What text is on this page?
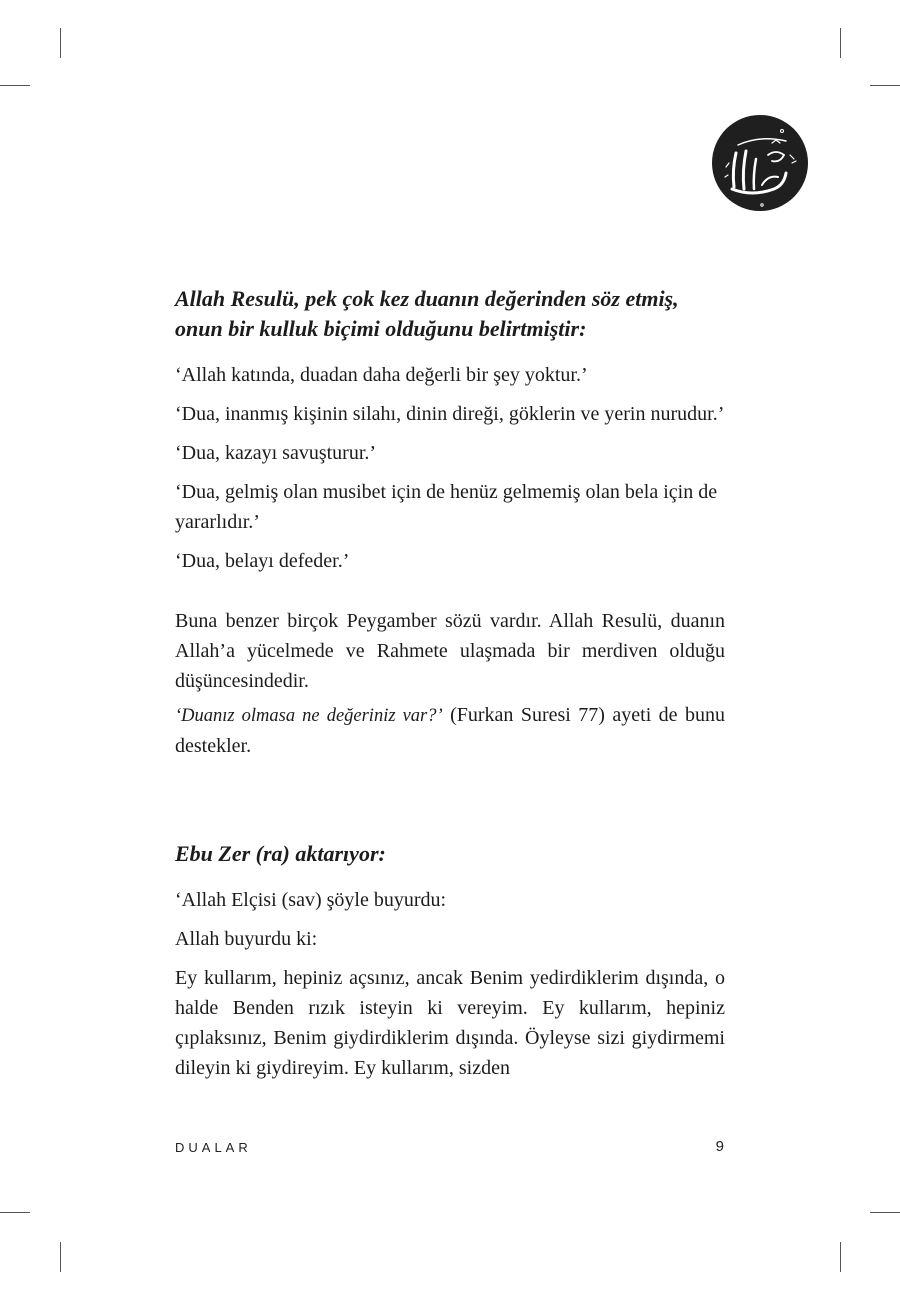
Allah Resulü, pek çok kez duanın değerinden söz etmiş,
onun bir kulluk biçimi olduğunu belirtmiştir:

‘Allah katında, duadan daha değerli bir şey yoktur.’

‘Dua, inanmış kişinin silahı, dinin direği, göklerin ve yerin nurudur.’

‘Dua, kazayı savuşturur.’

‘Dua, gelmiş olan musibet için de henüz gelmemiş olan bela için de yararlıdır.’

‘Dua, belayı defeder.’

Buna benzer birçok Peygamber sözü vardır. Allah Resulü, duanın Allah’a yücelmede ve Rahmete ulaşmada bir merdiven olduğu düşüncesindedir.

‘Duanız olmasa ne değeriniz var?’ (Furkan Suresi 77) ayeti de bunu destekler.

Ebu Zer (ra) aktarıyor:

‘Allah Elçisi (sav) şöyle buyurdu:

Allah buyurdu ki:

Ey kullarım, hepiniz açsınız, ancak Benim yedirdiklerim dışında, o halde Benden rızık isteyin ki vereyim. Ey kullarım, hepiniz çıplaksınız, Benim giydirdiklerim dışında. Öyleyse sizi giydirmemi dileyin ki giydireyim. Ey kullarım, sizden

DUALAR	9
